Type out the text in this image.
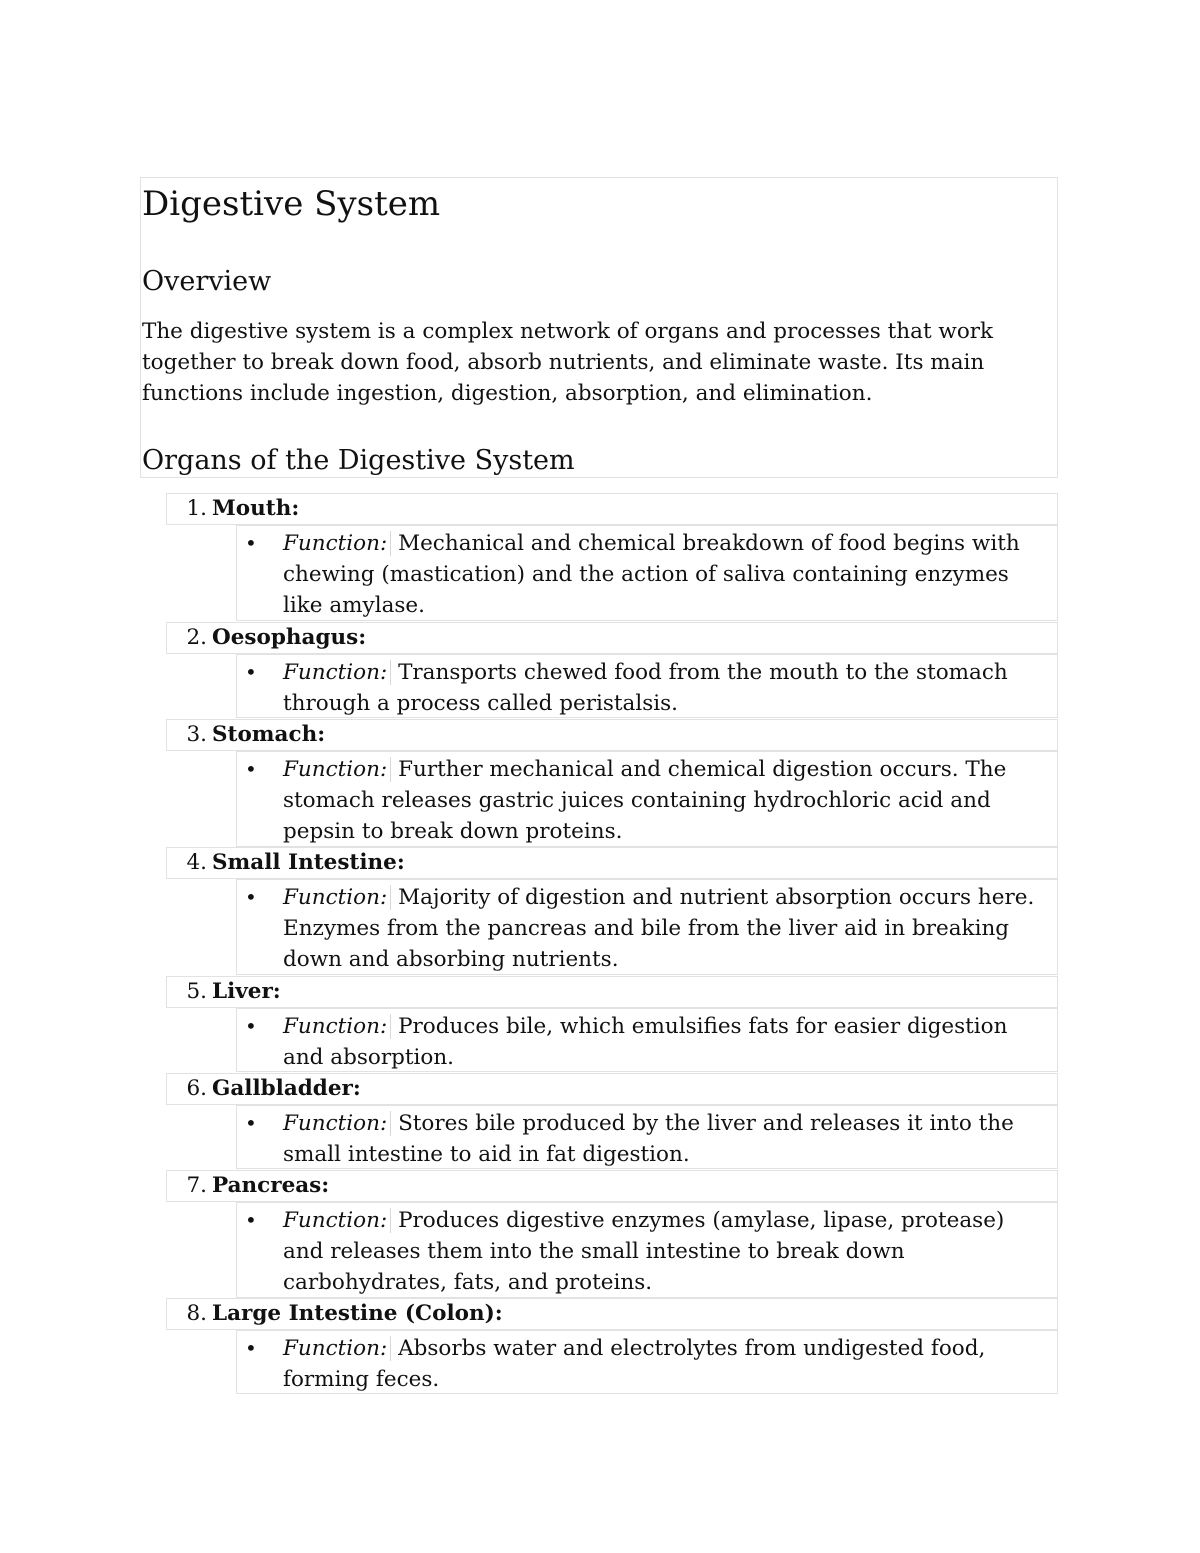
Digestive System
Overview

The digestive system is a complex network of organs and processes that work together to break down food, absorb nutrients, and eliminate waste. Its main functions include ingestion, digestion, absorption, and elimination.

Organs of the Digestive System
1. Mouth:
• Function: Mechanical and chemical breakdown of food begins with chewing (mastication) and the action of saliva containing enzymes like amylase.
2. Oesophagus:
• Function: Transports chewed food from the mouth to the stomach through a process called peristalsis.
3. Stomach:
• Function: Further mechanical and chemical digestion occurs. The stomach releases gastric juices containing hydrochloric acid and pepsin to break down proteins.
4. Small Intestine:
• Function: Majority of digestion and nutrient absorption occurs here. Enzymes from the pancreas and bile from the liver aid in breaking down and absorbing nutrients.
5. Liver:
• Function: Produces bile, which emulsifies fats for easier digestion and absorption.
6. Gallbladder:
• Function: Stores bile produced by the liver and releases it into the small intestine to aid in fat digestion.
7. Pancreas:
• Function: Produces digestive enzymes (amylase, lipase, protease) and releases them into the small intestine to break down carbohydrates, fats, and proteins.
8. Large Intestine (Colon):
• Function: Absorbs water and electrolytes from undigested food, forming feces.
